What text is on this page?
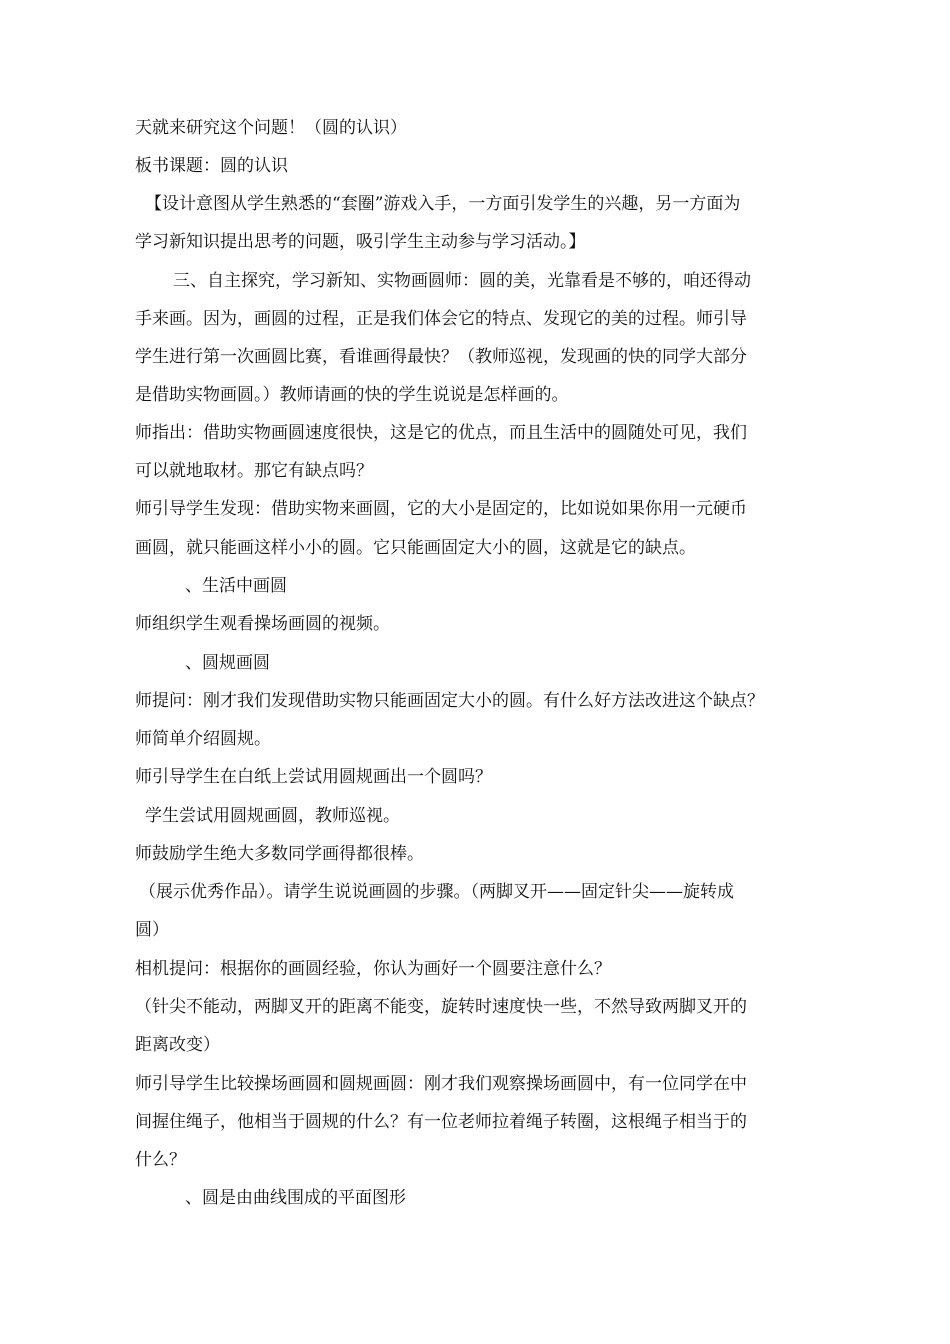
天就来研究这个问题！（圆的认识）
板书课题：圆的认识
【设计意图从学生熟悉的“套圈”游戏入手，一方面引发学生的兴趣，另一方面为
学习新知识提出思考的问题，吸引学生主动参与学习活动。】
三、自主探究，学习新知、实物画圆师：圆的美，光靠看是不够的，咱还得动
手来画。因为，画圆的过程，正是我们体会它的特点、发现它的美的过程。师引导
学生进行第一次画圆比赛，看谁画得最快？（教师巡视，发现画的快的同学大部分
是借助实物画圆。）教师请画的快的学生说说是怎样画的。
师指出：借助实物画圆速度很快，这是它的优点，而且生活中的圆随处可见，我们
可以就地取材。那它有缺点吗？
师引导学生发现：借助实物来画圆，它的大小是固定的，比如说如果你用一元硬币
画圆，就只能画这样小小的圆。它只能画固定大小的圆，这就是它的缺点。
、生活中画圆
师组织学生观看操场画圆的视频。
、圆规画圆
师提问：刚才我们发现借助实物只能画固定大小的圆。有什么好方法改进这个缺点？
师简单介绍圆规。
师引导学生在白纸上尝试用圆规画出一个圆吗？
学生尝试用圆规画圆，教师巡视。
师鼓励学生绝大多数同学画得都很棒。
（展示优秀作品）。请学生说说画圆的步骤。（两脚叉开——固定针尖——旋转成
圆）
相机提问：根据你的画圆经验，你认为画好一个圆要注意什么？
（针尖不能动，两脚叉开的距离不能变，旋转时速度快一些，不然导致两脚叉开的
距离改变）
师引导学生比较操场画圆和圆规画圆：刚才我们观察操场画圆中，有一位同学在中
间握住绳子，他相当于圆规的什么？有一位老师拉着绳子转圈，这根绳子相当于的
什么？
、圆是由曲线围成的平面图形
